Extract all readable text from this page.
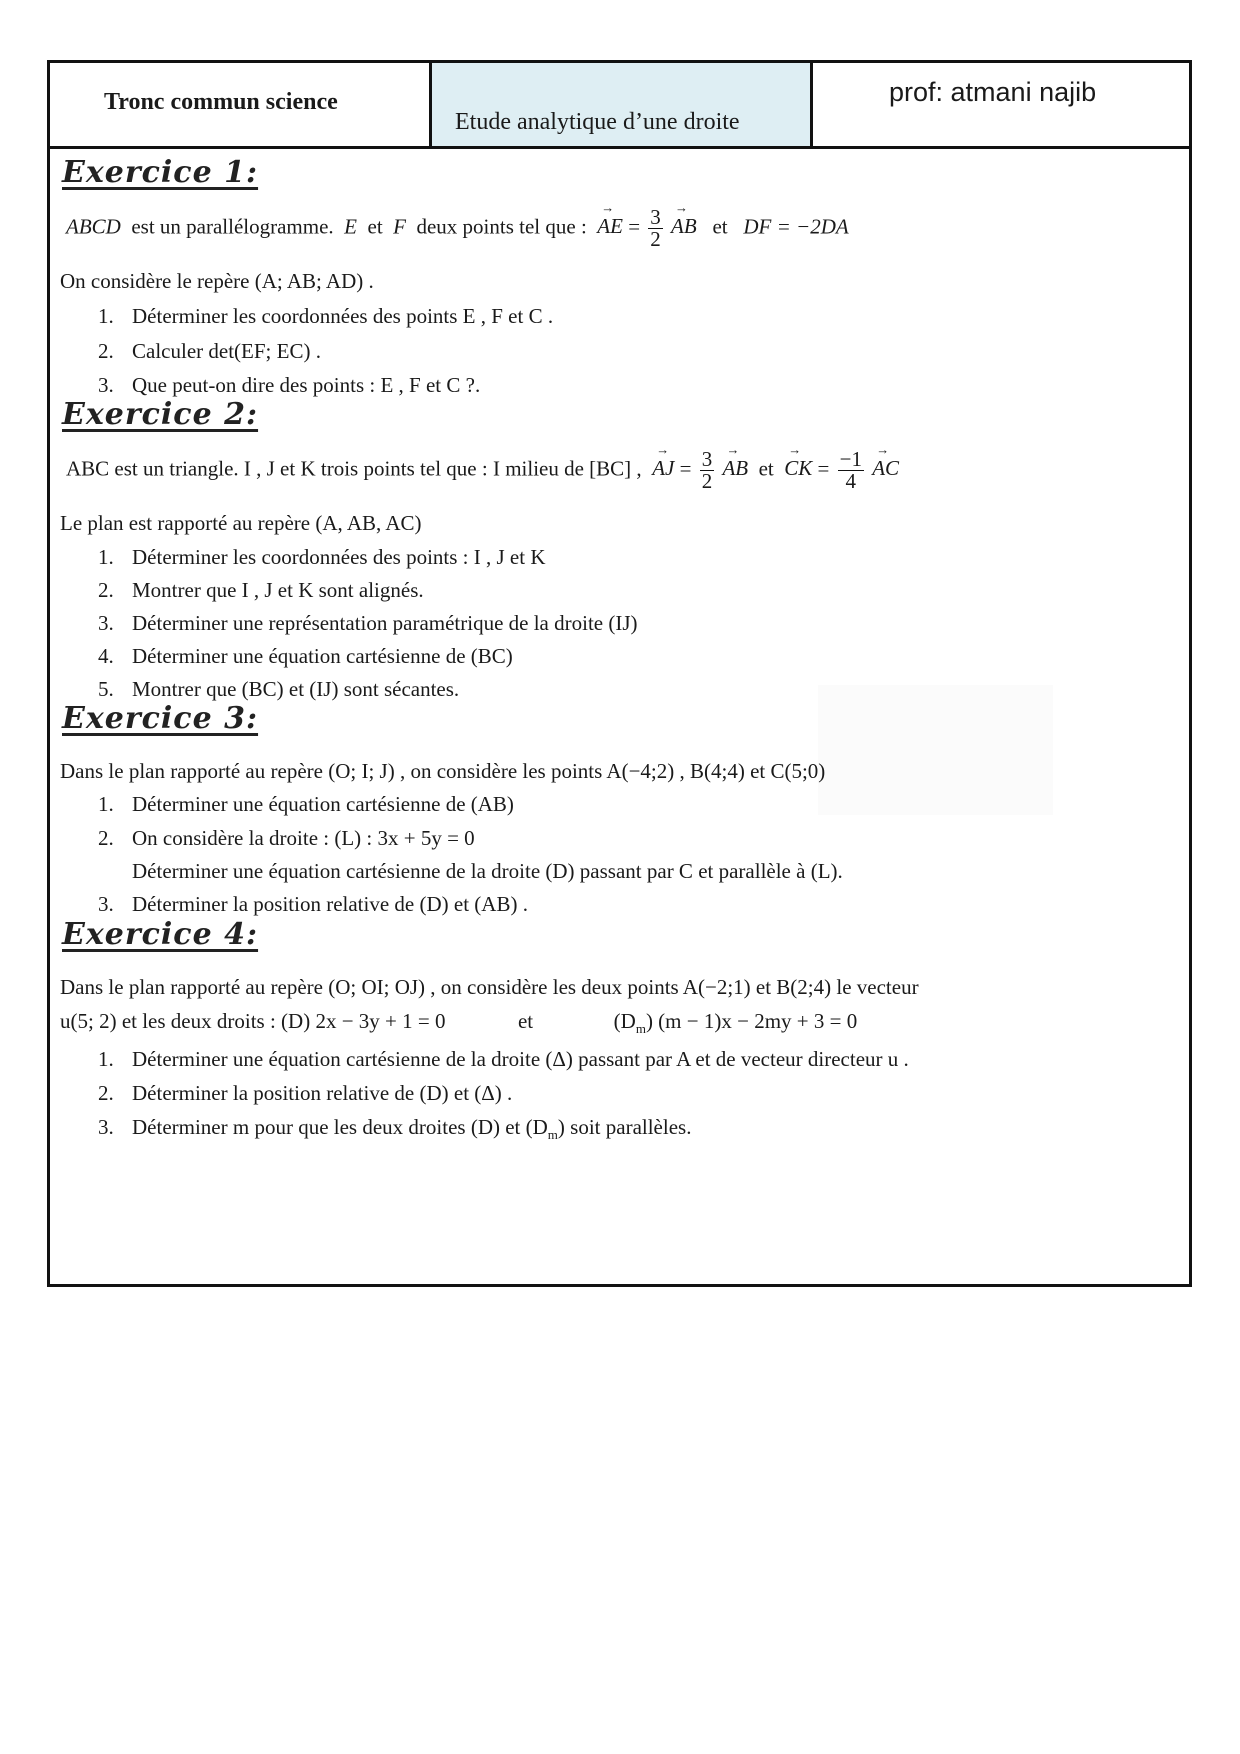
Tronc commun science
Etude analytique d’une droite
prof: atmani najib
Exercice 1:
ABCD est un parallélogramme. E et F deux points tel que : AE → = $\frac{3}{2}$ AB → et DF = −2DA
On considère le repère (A; AB; AD) .
1. Déterminer les coordonnées des points E , F et C .
2. Calculer det(EF; EC) .
3. Que peut-on dire des points : E , F et C ?.
Exercice 2:
ABC est un triangle. I , J et K trois points tel que : I milieu de [BC] , AJ → = $\frac{3}{2}$ AB → et CK → = $\frac{-1}{4}$ AC →
Le plan est rapporté au repère (A, AB, AC)
1. Déterminer les coordonnées des points : I , J et K
2. Montrer que I , J et K sont alignés.
3. Déterminer une représentation paramétrique de la droite (IJ)
4. Déterminer une équation cartésienne de (BC)
5. Montrer que (BC) et (IJ) sont sécantes.
Exercice 3:
Dans le plan rapporté au repère (O; I; J) , on considère les points A(−4;2) , B(4;4) et C(5;0)
1. Déterminer une équation cartésienne de (AB)
2. On considère la droite : (L) : 3x + 5y = 0
Déterminer une équation cartésienne de la droite (D) passant par C et parallèle à (L).
3. Déterminer la position relative de (D) et (AB) .
Exercice 4:
Dans le plan rapporté au repère (O; OI; OJ) , on considère les deux points A(−2;1) et B(2;4) le vecteur
u(5; 2) et les deux droits : (D) 2x − 3y + 1 = 0	et	$(D_m) (m - 1)x - 2my + 3 = 0$
1. Déterminer une équation cartésienne de la droite (Δ) passant par A et de vecteur directeur u .
2. Déterminer la position relative de (D) et (Δ) .
3. Déterminer m pour que les deux droites (D) et $(D_m)$ soit parallèles.
